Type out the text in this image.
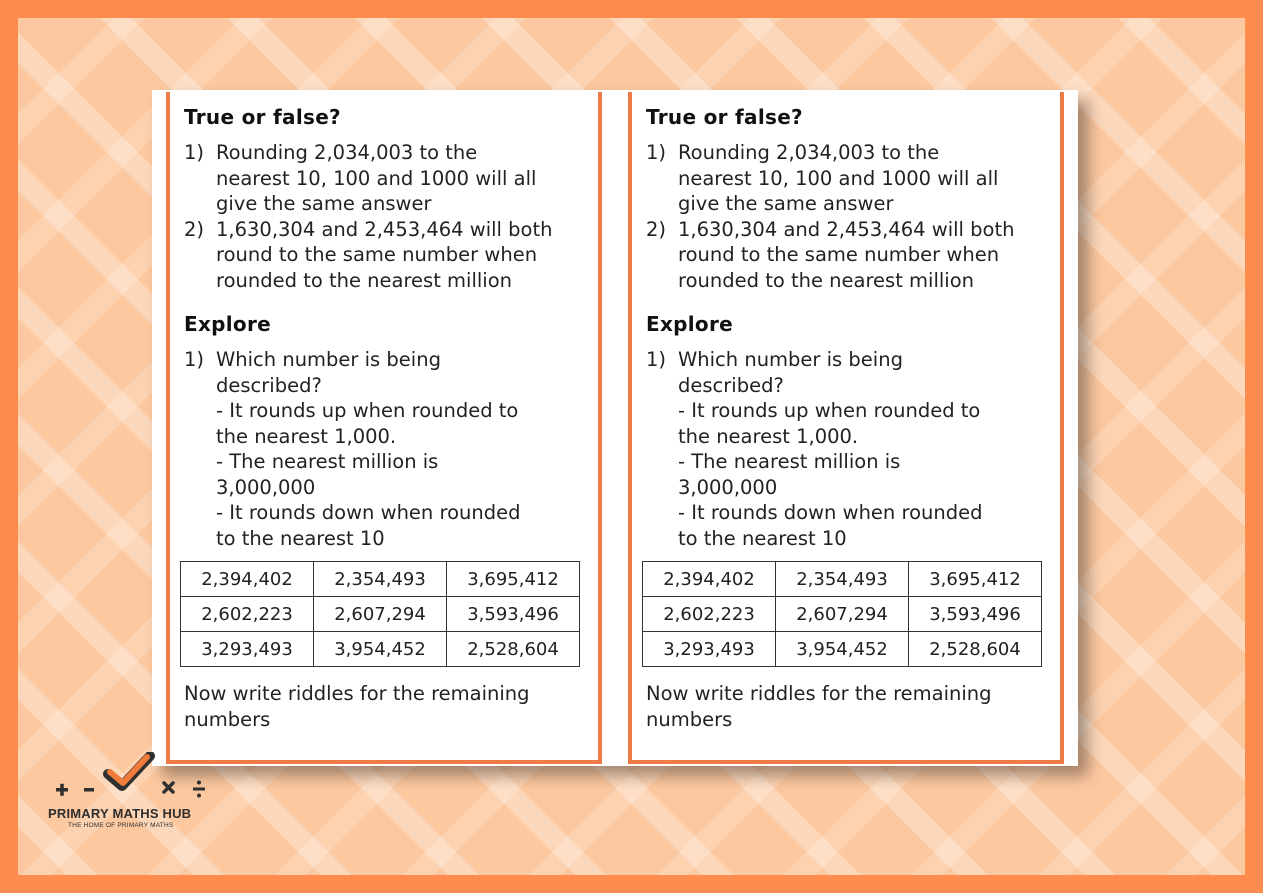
True or false?
1) Rounding 2,034,003 to the nearest 10, 100 and 1000 will all give the same answer
2) 1,630,304 and 2,453,464 will both round to the same number when rounded to the nearest million
Explore
1) Which number is being
described?
- It rounds up when rounded to
the nearest 1,000.
- The nearest million is
3,000,000
- It rounds down when rounded
to the nearest 10
2,394,402	2,354,493	3,695,412
2,602,223	2,607,294	3,593,496
3,293,493	3,954,452	2,528,604
Now write riddles for the remaining numbers
True or false?
1) Rounding 2,034,003 to the nearest 10, 100 and 1000 will all give the same answer
2) 1,630,304 and 2,453,464 will both round to the same number when rounded to the nearest million
Explore
1) Which number is being
described?
- It rounds up when rounded to
the nearest 1,000.
- The nearest million is
3,000,000
- It rounds down when rounded
to the nearest 10
2,394,402	2,354,493	3,695,412
2,602,223	2,607,294	3,593,496
3,293,493	3,954,452	2,528,604
Now write riddles for the remaining numbers
PRIMARY MATHS HUB
THE HOME OF PRIMARY MATHS
